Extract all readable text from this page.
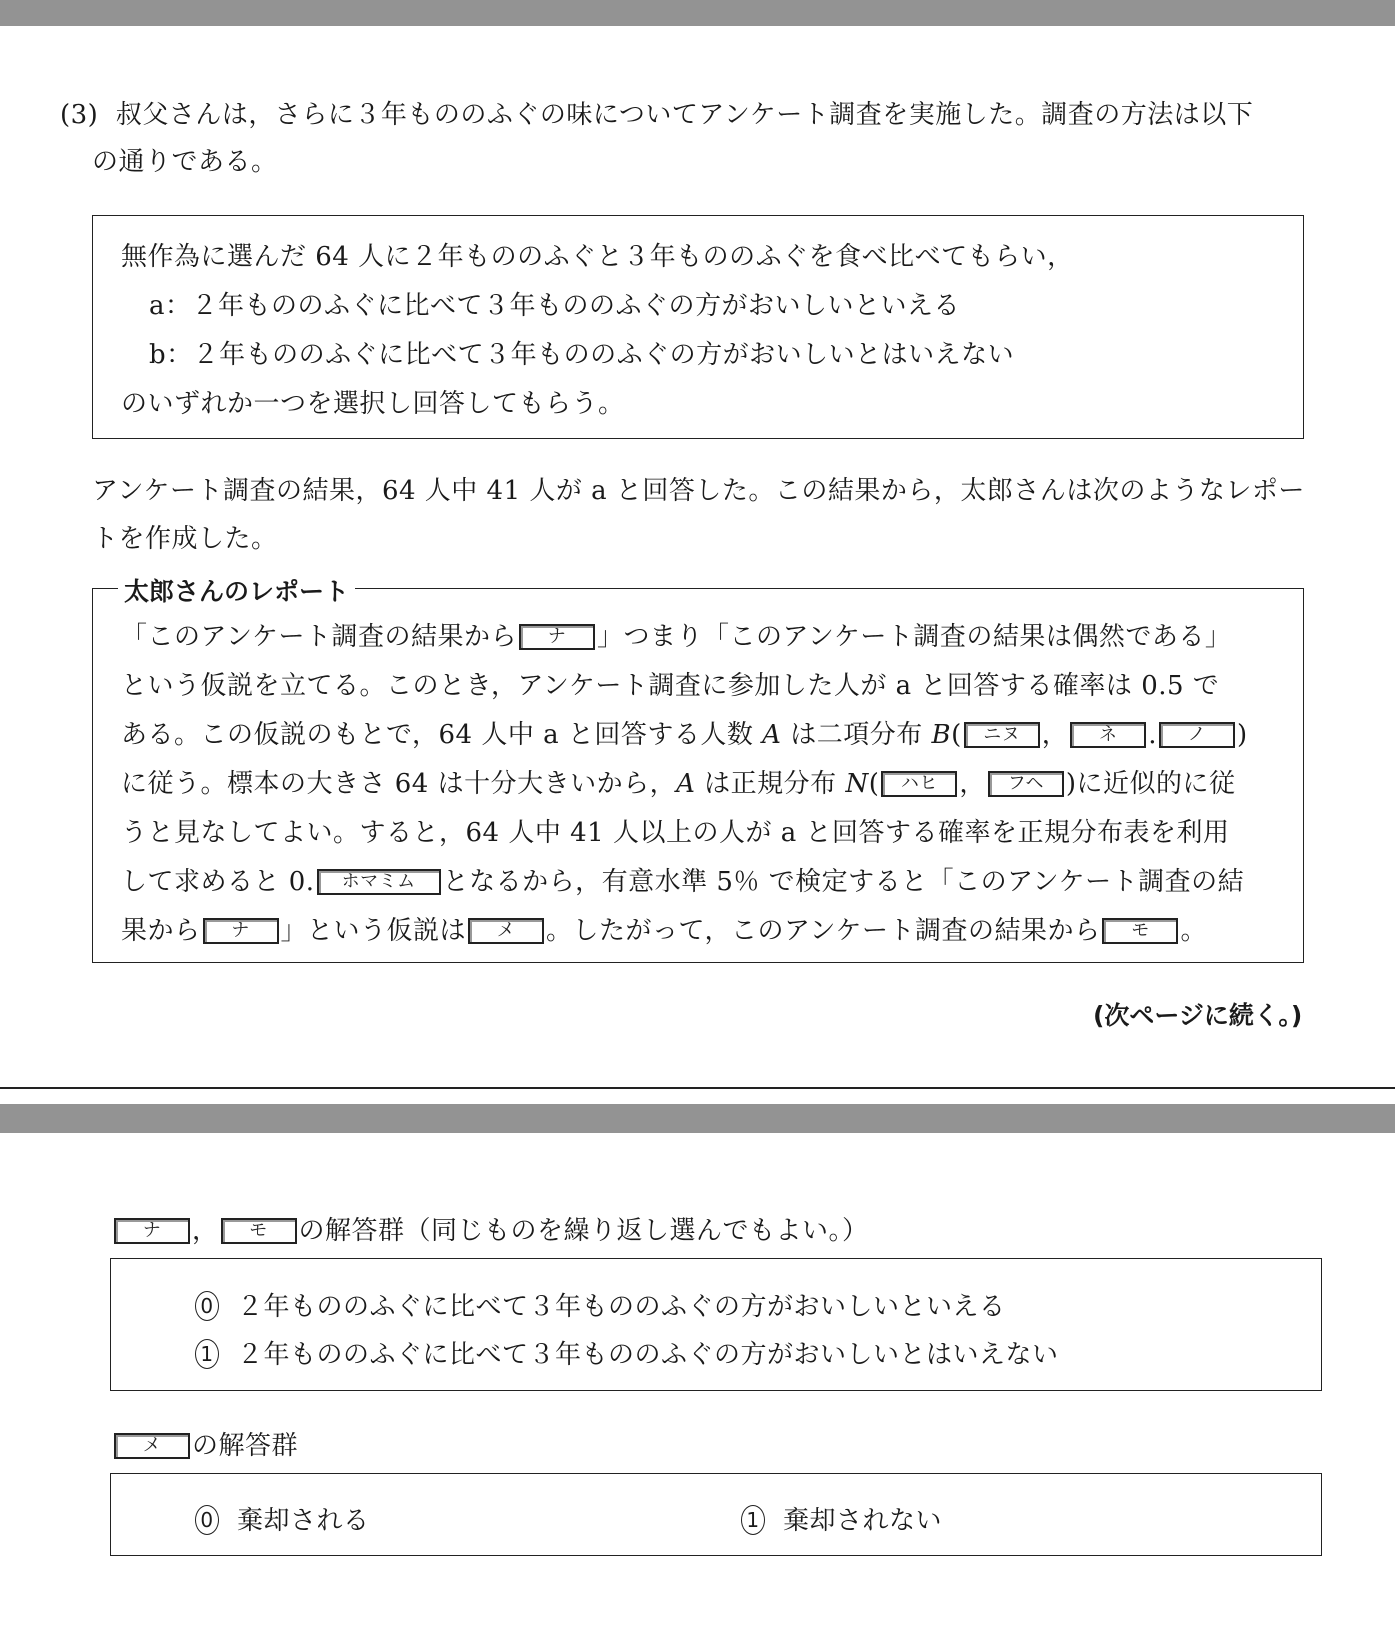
(3) 叔父さんは，さらに３年もののふぐの味についてアンケート調査を実施した。調査の方法は以下
の通りである。
無作為に選んだ 64 人に２年もののふぐと３年もののふぐを食べ比べてもらい，
a：２年もののふぐに比べて３年もののふぐの方がおいしいといえる
b：２年もののふぐに比べて３年もののふぐの方がおいしいとはいえない
のいずれか一つを選択し回答してもらう。
アンケート調査の結果，64 人中 41 人が a と回答した。この結果から，太郎さんは次のようなレポー
トを作成した。
太郎さんのレポート
「このアンケート調査の結果から ナ 」つまり「このアンケート調査の結果は偶然である」
という仮説を立てる。このとき，アンケート調査に参加した人が a と回答する確率は 0.5 で
ある。この仮説のもとで，64 人中 a と回答する人数 A は二項分布 B( ニヌ ， ネ . ノ )
に従う。標本の大きさ 64 は十分大きいから，A は正規分布 N( ハヒ ， フヘ )に近似的に従
うと見なしてよい。すると，64 人中 41 人以上の人が a と回答する確率を正規分布表を利用
して求めると 0. ホマミム となるから，有意水準 5％ で検定すると「このアンケート調査の結
果から ナ 」という仮説は メ 。したがって，このアンケート調査の結果から モ 。
(次ページに続く。)
ナ ， モ の解答群（同じものを繰り返し選んでもよい。）
0 ２年もののふぐに比べて３年もののふぐの方がおいしいといえる
1 ２年もののふぐに比べて３年もののふぐの方がおいしいとはいえない
メ の解答群
0 棄却される	1 棄却されない
